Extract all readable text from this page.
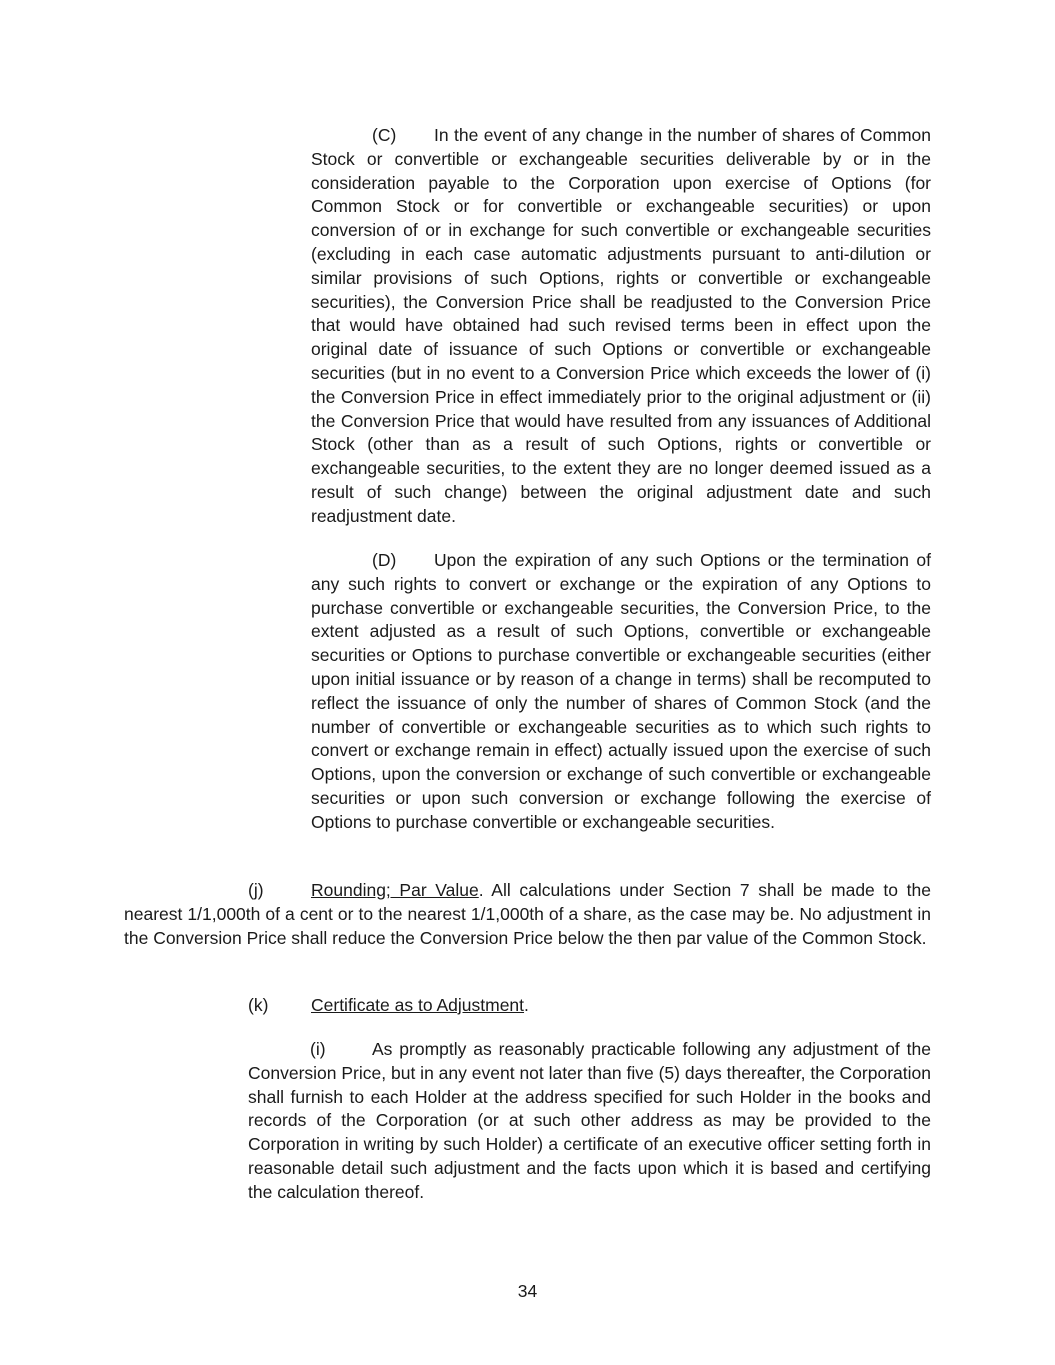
(C) In the event of any change in the number of shares of Common Stock or convertible or exchangeable securities deliverable by or in the consideration payable to the Corporation upon exercise of Options (for Common Stock or for convertible or exchangeable securities) or upon conversion of or in exchange for such convertible or exchangeable securities (excluding in each case automatic adjustments pursuant to anti-dilution or similar provisions of such Options, rights or convertible or exchangeable securities), the Conversion Price shall be readjusted to the Conversion Price that would have obtained had such revised terms been in effect upon the original date of issuance of such Options or convertible or exchangeable securities (but in no event to a Conversion Price which exceeds the lower of (i) the Conversion Price in effect immediately prior to the original adjustment or (ii) the Conversion Price that would have resulted from any issuances of Additional Stock (other than as a result of such Options, rights or convertible or exchangeable securities, to the extent they are no longer deemed issued as a result of such change) between the original adjustment date and such readjustment date.

(D) Upon the expiration of any such Options or the termination of any such rights to convert or exchange or the expiration of any Options to purchase convertible or exchangeable securities, the Conversion Price, to the extent adjusted as a result of such Options, convertible or exchangeable securities or Options to purchase convertible or exchangeable securities (either upon initial issuance or by reason of a change in terms) shall be recomputed to reflect the issuance of only the number of shares of Common Stock (and the number of convertible or exchangeable securities as to which such rights to convert or exchange remain in effect) actually issued upon the exercise of such Options, upon the conversion or exchange of such convertible or exchangeable securities or upon such conversion or exchange following the exercise of Options to purchase convertible or exchangeable securities.

(j)	Rounding; Par Value. All calculations under Section 7 shall be made to the nearest 1/1,000th of a cent or to the nearest 1/1,000th of a share, as the case may be. No adjustment in the Conversion Price shall reduce the Conversion Price below the then par value of the Common Stock.

(k) Certificate as to Adjustment.

(i)	As promptly as reasonably practicable following any adjustment of the Conversion Price, but in any event not later than five (5) days thereafter, the Corporation shall furnish to each Holder at the address specified for such Holder in the books and records of the Corporation (or at such other address as may be provided to the Corporation in writing by such Holder) a certificate of an executive officer setting forth in reasonable detail such adjustment and the facts upon which it is based and certifying the calculation thereof.

34
